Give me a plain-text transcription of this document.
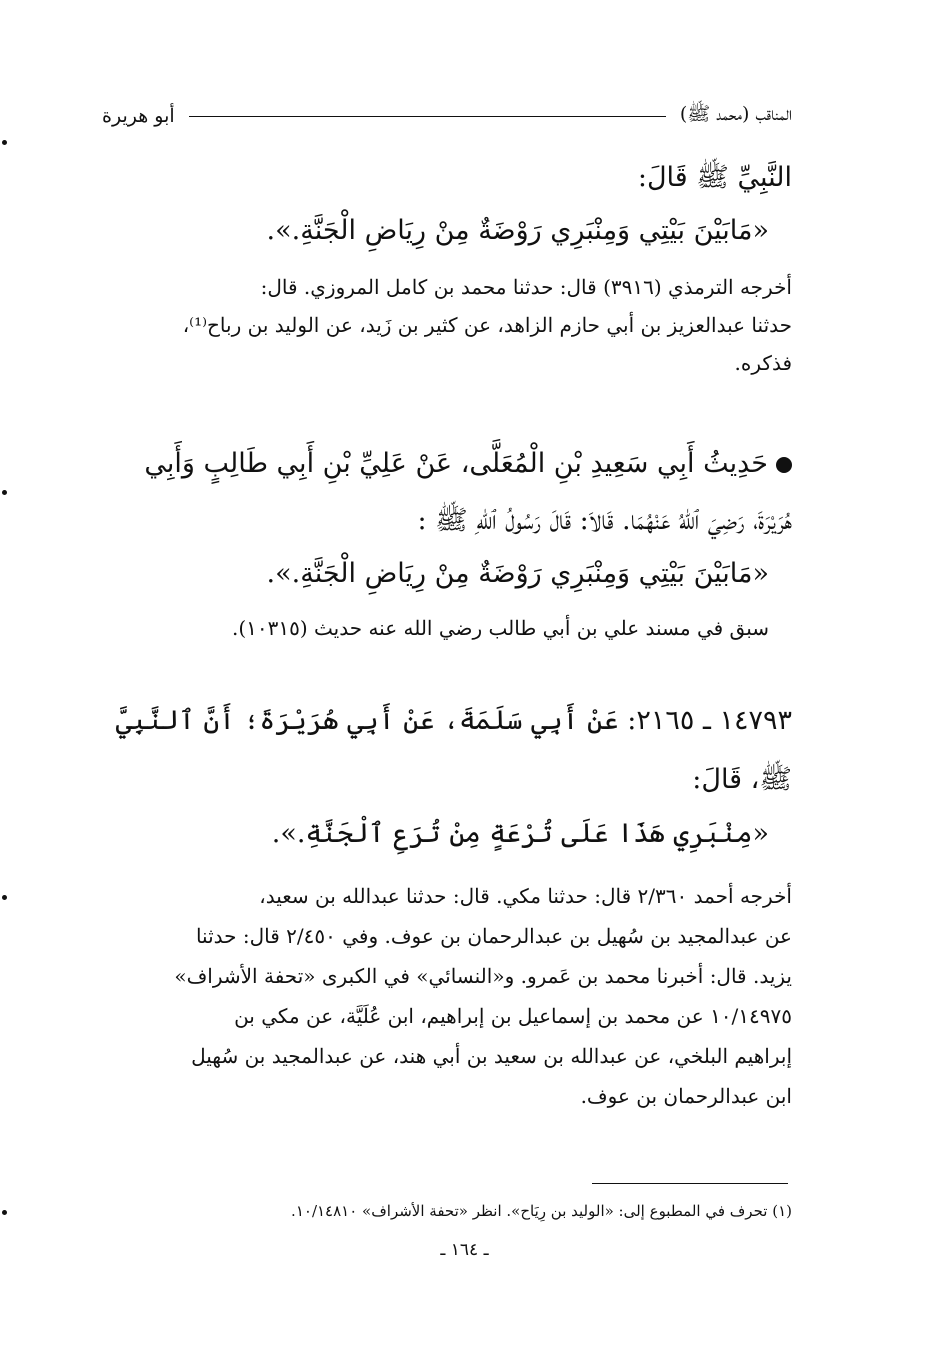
المناقب (محمد ﷺ)
أبو هريرة
النَّبِيِّ ﷺ قَالَ:
«مَابَيْنَ بَيْتِي وَمِنْبَرِي رَوْضَةٌ مِنْ رِيَاضِ الْجَنَّةِ.».

أخرجه الترمذي (٣٩١٦) قال: حدثنا محمد بن كامل المروزي. قال:

حدثنا عبدالعزيز بن أبي حازم الزاهد، عن كثير بن زَيد، عن الوليد بن رباح⁽¹⁾،

فذكره.

حَدِيثُ أَبِي سَعِيدِ بْنِ الْمُعَلَّى، عَنْ عَلِيِّ بْنِ أَبِي طَالِبٍ وَأَبِي
هُرَيْرَةَ، رَضِيَ ٱللهُ عَنْهُمَا. قَالاَ: قَالَ رَسُولُ ٱللهِ ﷺ :
«مَابَيْنَ بَيْتِي وَمِنْبَرِي رَوْضَةٌ مِنْ رِيَاضِ الْجَنَّةِ.».
سبق في مسند علي بن أبي طالب رضي الله عنه حديث (١٠٣١٥).
١٤٧٩٣ ـ ٢١٦٥: عَنْ أَبِي سَلَمَةَ، عَنْ أَبِي هُرَيْرَةَ؛ أَنَّ ٱلنَّبِيَّ
ﷺ، قَالَ:
«مِنْبَرِي هَذَا عَلَى تُرْعَةٍ مِنْ تُرَعِ ٱلْجَنَّةِ.».

أخرجه أحمد ٢/٣٦٠ قال: حدثنا مكي. قال: حدثنا عبدالله بن سعيد،

عن عبدالمجيد بن سُهيل بن عبدالرحمان بن عوف. وفي ٢/٤٥٠ قال: حدثنا

يزيد. قال: أخبرنا محمد بن عَمرو. و«النسائي» في الكبرى «تحفة الأشراف»

١٠/١٤٩٧٥ عن محمد بن إسماعيل بن إبراهيم، ابن عُلَيَّة، عن مكي بن

إبراهيم البلخي، عن عبدالله بن سعيد بن أبي هند، عن عبدالمجيد بن سُهيل

ابن عبدالرحمان بن عوف.

(١) تحرف في المطبوع إلى: «الوليد بن رِيَاح». انظر «تحفة الأشراف» ١٠/١٤٨١٠.
ـ ١٦٤ ـ
